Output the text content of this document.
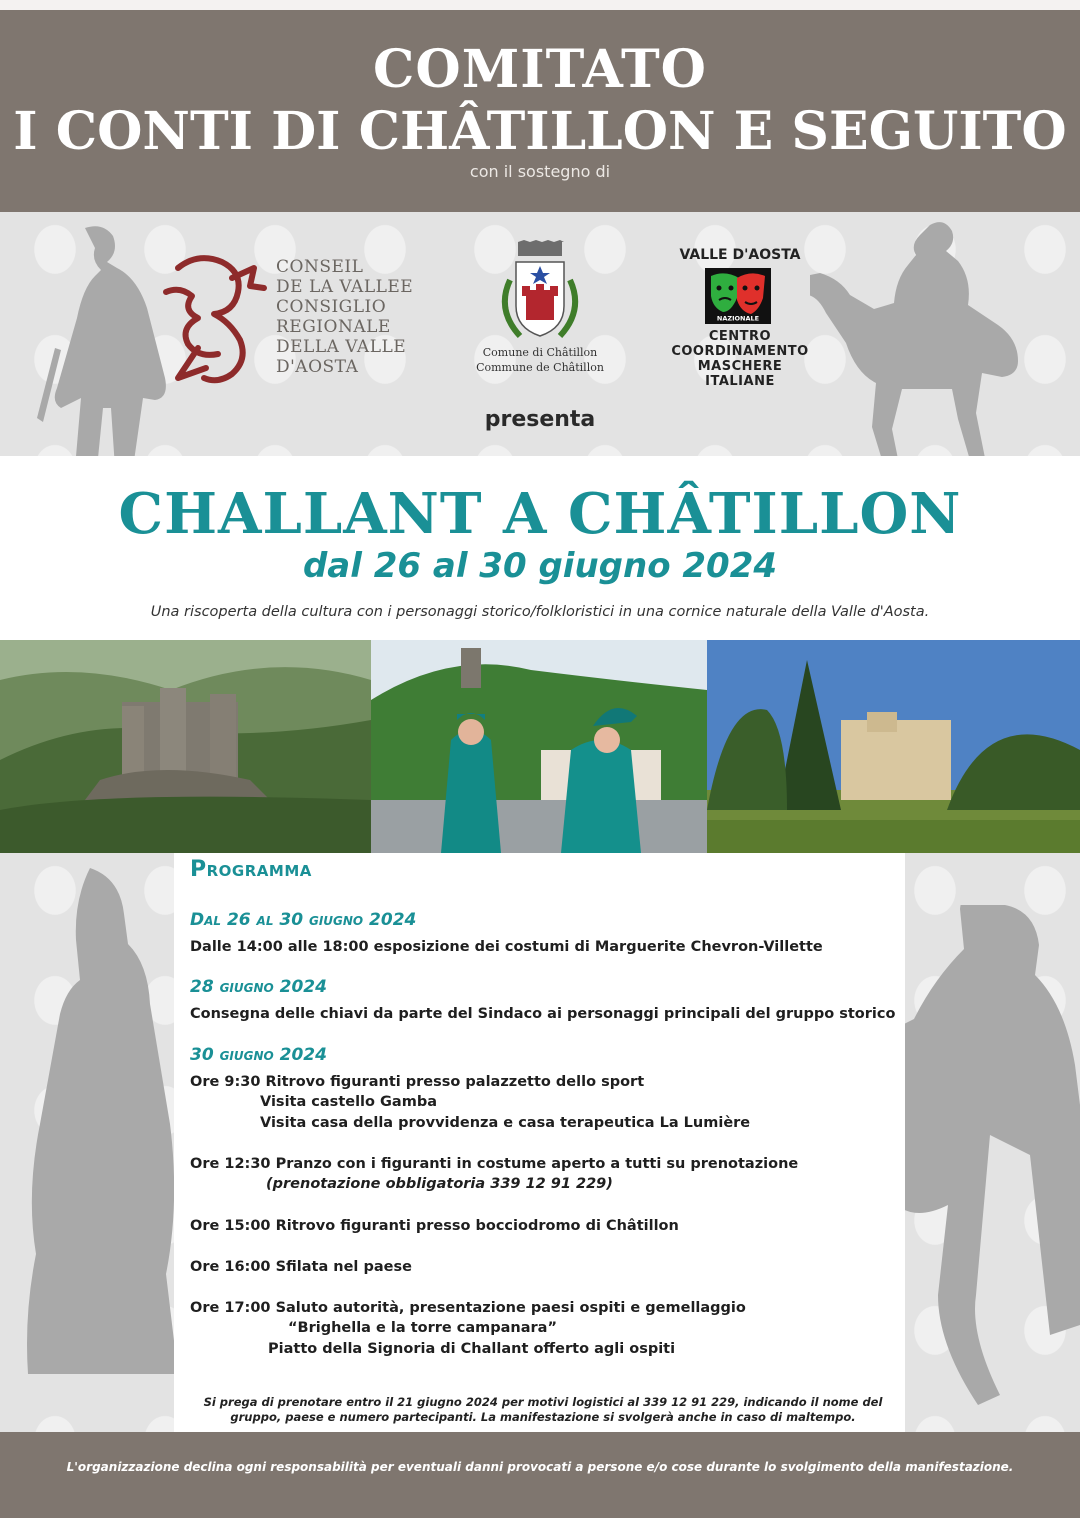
COMITATO
I CONTI DI CHÂTILLON E SEGUITO
con il sostegno di
CONSEIL
DE LA VALLEE
CONSIGLIO
REGIONALE
DELLA VALLE
D'AOSTA
Comune di Châtillon
Commune de Châtillon
VALLE D'AOSTA
NAZIONALE
CENTRO
COORDINAMENTO
MASCHERE
ITALIANE
presenta
CHALLANT A CHÂTILLON
dal 26 al 30 giugno 2024
Una riscoperta della cultura con i personaggi storico/folkloristici in una cornice naturale della Valle d'Aosta.
Programma
Dal 26 al 30 giugno 2024
Dalle 14:00 alle 18:00 esposizione dei costumi di Marguerite Chevron-Villette
28 giugno 2024
Consegna delle chiavi da parte del Sindaco ai personaggi principali del gruppo storico
30 giugno 2024
Ore 9:30 Ritrovo figuranti presso palazzetto dello sport
Visita castello Gamba
Visita casa della provvidenza e casa terapeutica La Lumière
Ore 12:30 Pranzo con i figuranti in costume aperto a tutti su prenotazione
(prenotazione obbligatoria 339 12 91 229)
Ore 15:00 Ritrovo figuranti presso bocciodromo di Châtillon
Ore 16:00 Sfilata nel paese
Ore 17:00 Saluto autorità, presentazione paesi ospiti e gemellaggio
“Brighella e la torre campanara”
Piatto della Signoria di Challant offerto agli ospiti
Si prega di prenotare entro il 21 giugno 2024 per motivi logistici al 339 12 91 229, indicando il nome del
gruppo, paese e numero partecipanti. La manifestazione si svolgerà anche in caso di maltempo.
L'organizzazione declina ogni responsabilità per eventuali danni provocati a persone e/o cose durante lo svolgimento della manifestazione.
